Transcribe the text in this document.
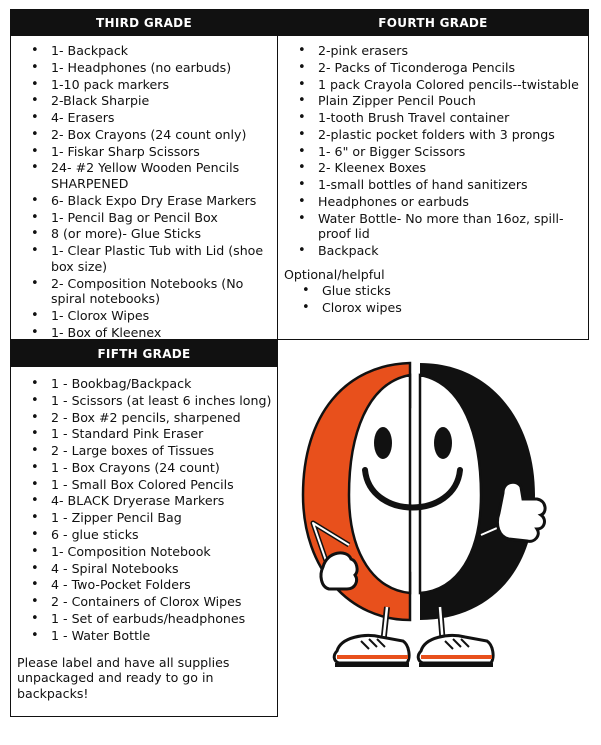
THIRD GRADE
• 1- Backpack
• 1- Headphones (no earbuds)
• 1-10 pack markers
• 2-Black Sharpie
• 4- Erasers
• 2- Box Crayons (24 count only)
• 1- Fiskar Sharp Scissors
• 24- #2 Yellow Wooden Pencils SHARPENED
• 6- Black Expo Dry Erase Markers
• 1- Pencil Bag or Pencil Box
• 8 (or more)- Glue Sticks
• 1- Clear Plastic Tub with Lid (shoe box size)
• 2- Composition Notebooks (No spiral notebooks)
• 1- Clorox Wipes
• 1- Box of Kleenex
FOURTH GRADE
• 2-pink erasers
• 2- Packs of Ticonderoga Pencils
• 1 pack Crayola Colored pencils--twistable
• Plain Zipper Pencil Pouch
• 1-tooth Brush Travel container
• 2-plastic pocket folders with 3 prongs
• 1- 6" or Bigger Scissors
• 2- Kleenex Boxes
• 1-small bottles of hand sanitizers
• Headphones or earbuds
• Water Bottle- No more than 16oz, spill-proof lid
• Backpack
Optional/helpful
• Glue sticks
• Clorox wipes
FIFTH GRADE
• 1 - Bookbag/Backpack
• 1 - Scissors (at least 6 inches long)
• 2 - Box #2 pencils, sharpened
• 1 - Standard Pink Eraser
• 2 - Large boxes of Tissues
• 1 - Box Crayons (24 count)
• 1 - Small Box Colored Pencils
• 4- BLACK Dryerase Markers
• 1 - Zipper Pencil Bag
• 6 - glue sticks
• 1- Composition Notebook
• 4 - Spiral Notebooks
• 4 - Two-Pocket Folders
• 2 - Containers of Clorox Wipes
• 1 - Set of earbuds/headphones
• 1 - Water Bottle
Please label and have all supplies unpackaged and ready to go in backpacks!
